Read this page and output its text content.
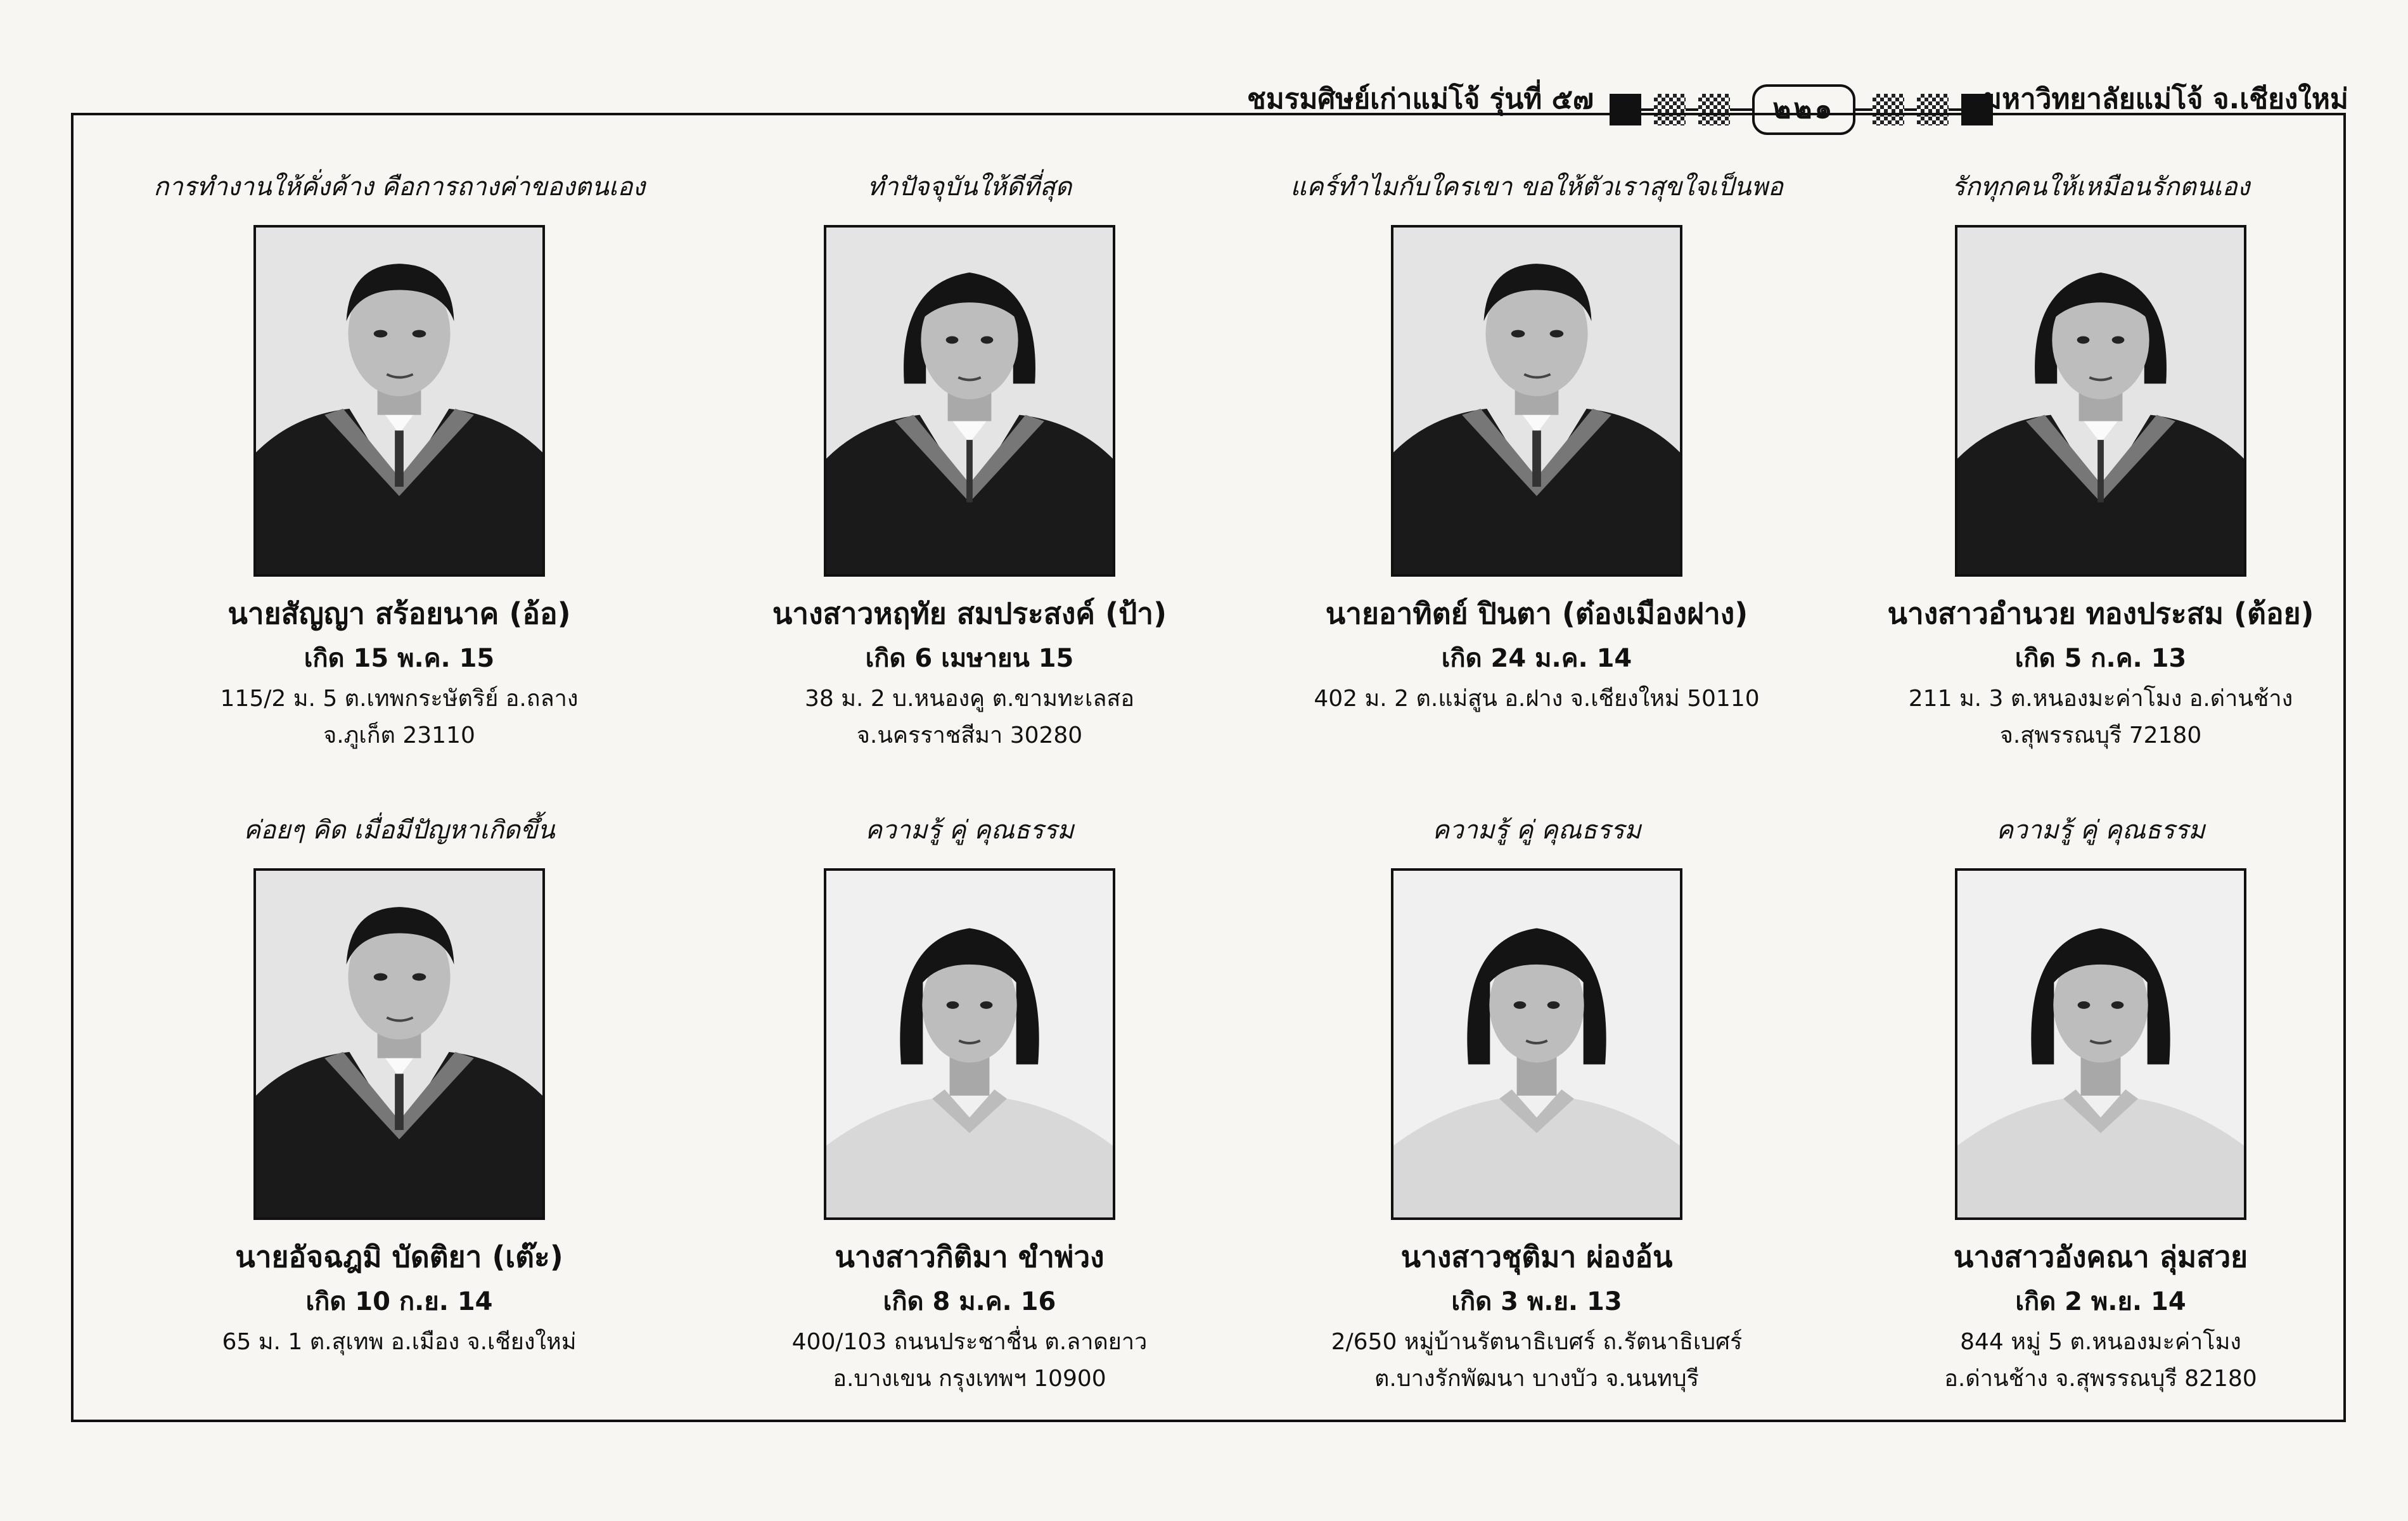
ชมรมศิษย์เก่าแม่โจ้ รุ่นที่ ๕๗	๒๒๑	มหาวิทยาลัยแม่โจ้ จ.เชียงใหม่
การทำงานให้คั่งค้าง คือการถางค่าของตนเอง
นายสัญญา สร้อยนาค (อ้อ)
เกิด 15 พ.ค. 15
115/2 ม. 5 ต.เทพกระษัตริย์ อ.ถลาง
จ.ภูเก็ต 23110
ทำปัจจุบันให้ดีที่สุด
นางสาวหฤทัย สมประสงค์ (ป้า)
เกิด 6 เมษายน 15
38 ม. 2 บ.หนองคู ต.ขามทะเลสอ
จ.นครราชสีมา 30280
แคร์ทำไมกับใครเขา ขอให้ตัวเราสุขใจเป็นพอ
นายอาทิตย์ ปินตา (ต๋องเมืองฝาง)
เกิด 24 ม.ค. 14
402 ม. 2 ต.แม่สูน อ.ฝาง จ.เชียงใหม่ 50110
รักทุกคนให้เหมือนรักตนเอง
นางสาวอำนวย ทองประสม (ต้อย)
เกิด 5 ก.ค. 13
211 ม. 3 ต.หนองมะค่าโมง อ.ด่านช้าง
จ.สุพรรณบุรี 72180
ค่อยๆ คิด เมื่อมีปัญหาเกิดขึ้น
นายอัจฉฎมิ บัดติยา (เต๊ะ)
เกิด 10 ก.ย. 14
65 ม. 1 ต.สุเทพ อ.เมือง จ.เชียงใหม่
ความรู้ คู่ คุณธรรม
นางสาวกิติมา ขำพ่วง
เกิด 8 ม.ค. 16
400/103 ถนนประชาชื่น ต.ลาดยาว
อ.บางเขน กรุงเทพฯ 10900
ความรู้ คู่ คุณธรรม
นางสาวชุติมา ผ่องอ้น
เกิด 3 พ.ย. 13
2/650 หมู่บ้านรัตนาธิเบศร์ ถ.รัตนาธิเบศร์
ต.บางรักพัฒนา บางบัว จ.นนทบุรี
ความรู้ คู่ คุณธรรม
นางสาวอังคณา ลุ่มสวย
เกิด 2 พ.ย. 14
844 หมู่ 5 ต.หนองมะค่าโมง
อ.ด่านช้าง จ.สุพรรณบุรี 82180
